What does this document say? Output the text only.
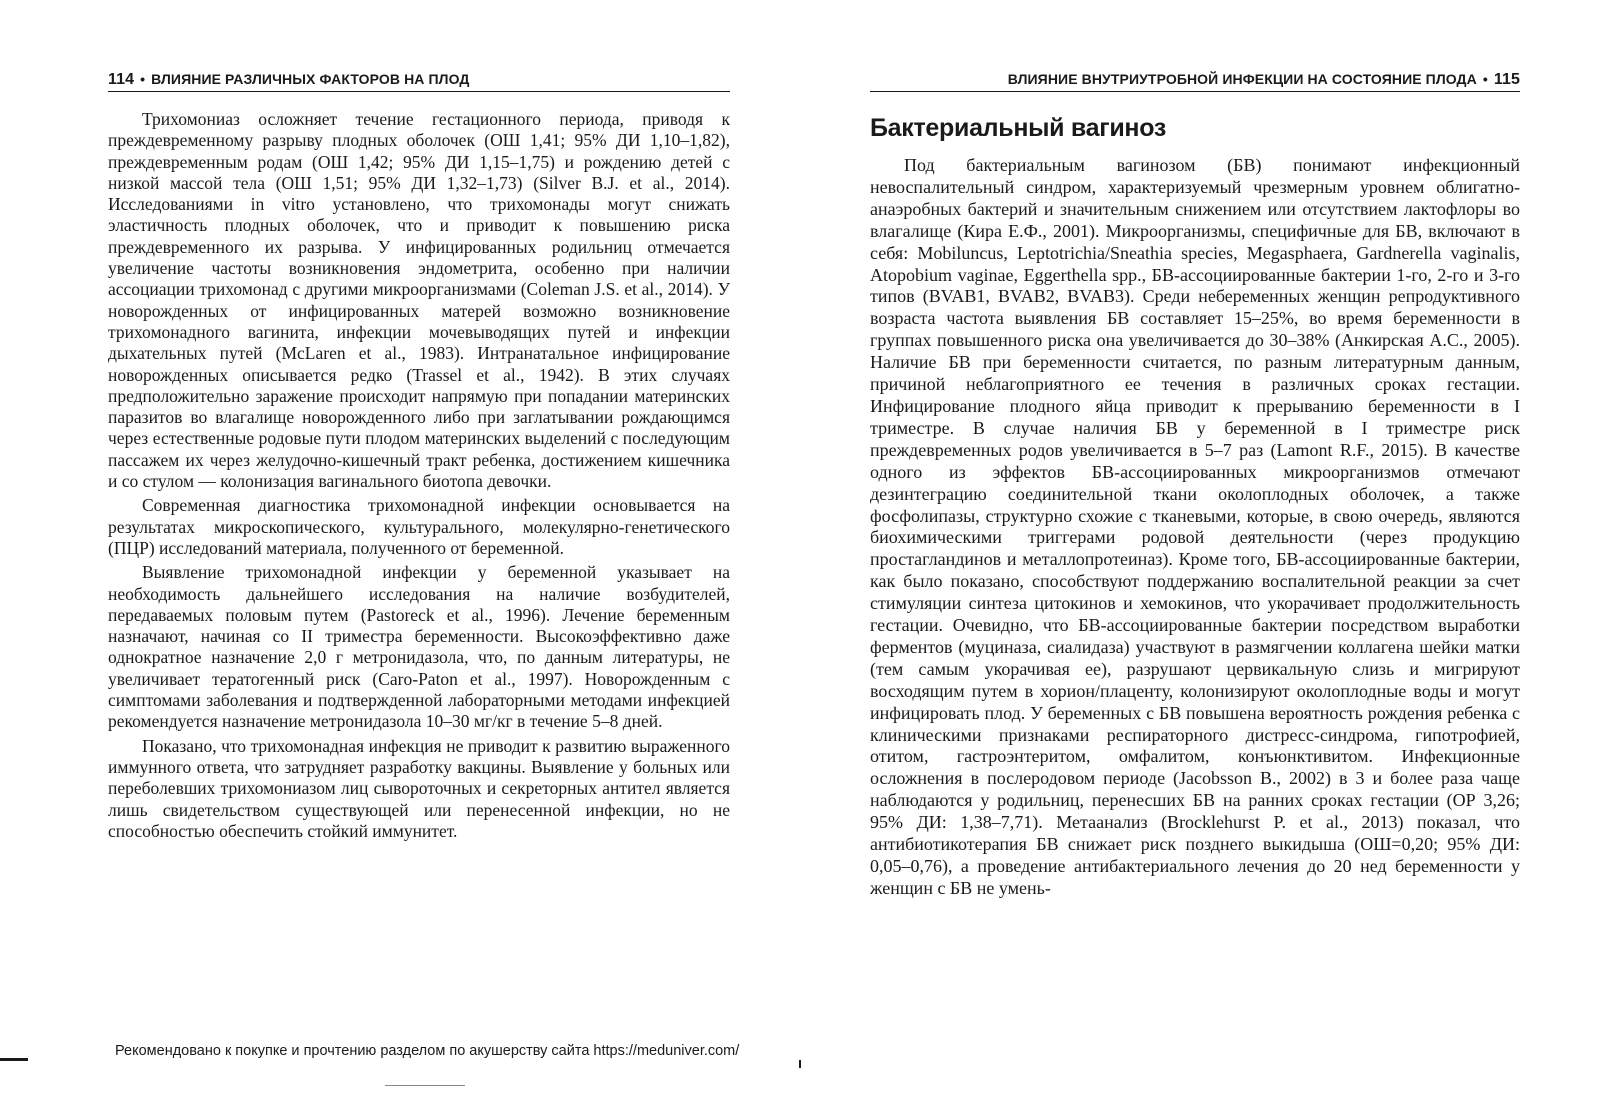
114 • ВЛИЯНИЕ РАЗЛИЧНЫХ ФАКТОРОВ НА ПЛОД

Трихомониаз осложняет течение гестационного периода, приводя к преждевременному разрыву плодных оболочек (ОШ 1,41; 95% ДИ 1,10–1,82), преждевременным родам (ОШ 1,42; 95% ДИ 1,15–1,75) и рождению детей с низкой массой тела (ОШ 1,51; 95% ДИ 1,32–1,73) (Silver B.J. et al., 2014). Исследованиями in vitro установлено, что трихомонады могут снижать эластичность плодных оболочек, что и приводит к повышению риска преждевременного их разрыва. У инфицированных родильниц отмечается увеличение частоты возникновения эндометрита, особенно при наличии ассоциации трихомонад с другими микроорганизмами (Coleman J.S. et al., 2014). У новорожденных от инфицированных матерей возможно возникновение трихомонадного вагинита, инфекции мочевыводящих путей и инфекции дыхательных путей (McLaren et al., 1983). Интранатальное инфицирование новорожденных описывается редко (Trassel et al., 1942). В этих случаях предположительно заражение происходит напрямую при попадании материнских паразитов во влагалище новорожденного либо при заглатывании рождающимся через естественные родовые пути плодом материнских выделений с последующим пассажем их через желудочно-кишечный тракт ребенка, достижением кишечника и со стулом — колонизация вагинального биотопа девочки.

Современная диагностика трихомонадной инфекции основывается на результатах микроскопического, культурального, молекулярно-генетического (ПЦР) исследований материала, полученного от беременной.

Выявление трихомонадной инфекции у беременной указывает на необходимость дальнейшего исследования на наличие возбудителей, передаваемых половым путем (Pastoreck et al., 1996). Лечение беременным назначают, начиная со II триместра беременности. Высокоэффективно даже однократное назначение 2,0 г метронидазола, что, по данным литературы, не увеличивает тератогенный риск (Caro-Paton et al., 1997). Новорожденным с симптомами заболевания и подтвержденной лабораторными методами инфекцией рекомендуется назначение метронидазола 10–30 мг/кг в течение 5–8 дней.

Показано, что трихомонадная инфекция не приводит к развитию выраженного иммунного ответа, что затрудняет разработку вакцины. Выявление у больных или переболевших трихомониазом лиц сывороточных и секреторных антител является лишь свидетельством существующей или перенесенной инфекции, но не способностью обеспечить стойкий иммунитет.

ВЛИЯНИЕ ВНУТРИУТРОБНОЙ ИНФЕКЦИИ НА СОСТОЯНИЕ ПЛОДА • 115
Бактериальный вагиноз

Под бактериальным вагинозом (БВ) понимают инфекционный невоспалительный синдром, характеризуемый чрезмерным уровнем облигатно-анаэробных бактерий и значительным снижением или отсутствием лактофлоры во влагалище (Кира Е.Ф., 2001). Микроорганизмы, специфичные для БВ, включают в себя: Mobiluncus, Leptotrichia/Sneathia species, Megasphaera, Gardnerella vaginalis, Atopobium vaginae, Eggerthella spp., БВ-ассоциированные бактерии 1-го, 2-го и 3-го типов (BVAB1, BVAB2, BVAB3). Среди небеременных женщин репродуктивного возраста частота выявления БВ составляет 15–25%, во время беременности в группах повышенного риска она увеличивается до 30–38% (Анкирская А.С., 2005). Наличие БВ при беременности считается, по разным литературным данным, причиной неблагоприятного ее течения в различных сроках гестации. Инфицирование плодного яйца приводит к прерыванию беременности в I триместре. В случае наличия БВ у беременной в I триместре риск преждевременных родов увеличивается в 5–7 раз (Lamont R.F., 2015). В качестве одного из эффектов БВ-ассоциированных микроорганизмов отмечают дезинтеграцию соединительной ткани околоплодных оболочек, а также фосфолипазы, структурно схожие с тканевыми, которые, в свою очередь, являются биохимическими триггерами родовой деятельности (через продукцию простагландинов и металлопротеиназ). Кроме того, БВ-ассоциированные бактерии, как было показано, способствуют поддержанию воспалительной реакции за счет стимуляции синтеза цитокинов и хемокинов, что укорачивает продолжительность гестации. Очевидно, что БВ-ассоциированные бактерии посредством выработки ферментов (муциназа, сиалидаза) участвуют в размягчении коллагена шейки матки (тем самым укорачивая ее), разрушают цервикальную слизь и мигрируют восходящим путем в хорион/плаценту, колонизируют околоплодные воды и могут инфицировать плод. У беременных с БВ повышена вероятность рождения ребенка с клиническими признаками респираторного дистресс-синдрома, гипотрофией, отитом, гастроэнтеритом, омфалитом, конъюнктивитом. Инфекционные осложнения в послеродовом периоде (Jacobsson B., 2002) в 3 и более раза чаще наблюдаются у родильниц, перенесших БВ на ранних сроках гестации (ОР 3,26; 95% ДИ: 1,38–7,71). Метаанализ (Brocklehurst P. et al., 2013) показал, что антибиотикотерапия БВ снижает риск позднего выкидыша (ОШ=0,20; 95% ДИ: 0,05–0,76), а проведение антибактериального лечения до 20 нед беременности у женщин с БВ не умень-

Рекомендовано к покупке и прочтению разделом по акушерству сайта https://meduniver.com/
